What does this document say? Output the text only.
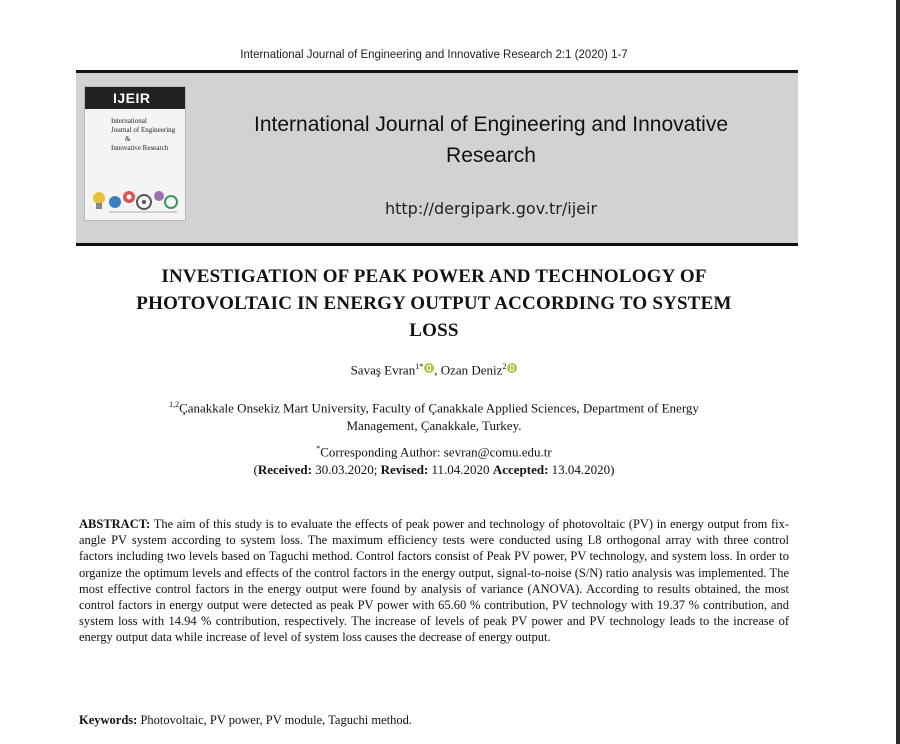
International Journal of Engineering and Innovative Research 2:1 (2020) 1-7
IJEIR
International
Journal of Engineering
&
Innovative Research
International Journal of Engineering and Innovative
Research
http://dergipark.gov.tr/ijeir
INVESTIGATION OF PEAK POWER AND TECHNOLOGY OF
PHOTOVOLTAIC IN ENERGY OUTPUT ACCORDING TO SYSTEM
LOSS
Savaş Evran$^{1*}$ , Ozan Deniz$^2$
$^{1,2}$Çanakkale Onsekiz Mart University, Faculty of Çanakkale Applied Sciences, Department of Energy
Management, Çanakkale, Turkey.
*Corresponding Author: sevran@comu.edu.tr
(Received: 30.03.2020; Revised: 11.04.2020 Accepted: 13.04.2020)
ABSTRACT: The aim of this study is to evaluate the effects of peak power and technology of photovoltaic (PV) in energy output from fix-angle PV system according to system loss. The maximum efficiency tests were conducted using L8 orthogonal array with three control factors including two levels based on Taguchi method. Control factors consist of Peak PV power, PV technology, and system loss. In order to organize the optimum levels and effects of the control factors in the energy output, signal-to-noise (S/N) ratio analysis was implemented. The most effective control factors in the energy output were found by analysis of variance (ANOVA). According to results obtained, the most control factors in energy output were detected as peak PV power with 65.60 % contribution, PV technology with 19.37 % contribution, and system loss with 14.94 % contribution, respectively. The increase of levels of peak PV power and PV technology leads to the increase of energy output data while increase of level of system loss causes the decrease of energy output.
Keywords: Photovoltaic, PV power, PV module, Taguchi method.
